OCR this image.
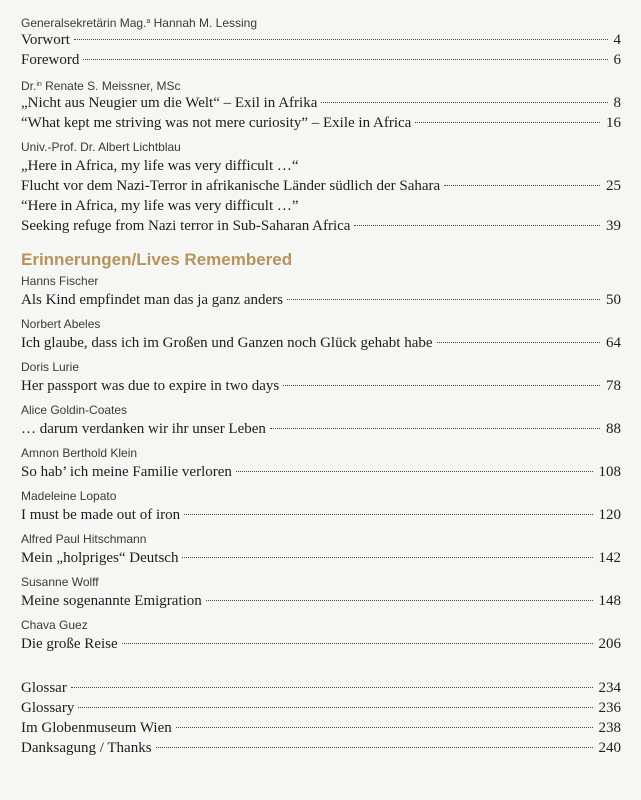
Generalsekretärin Mag.$^a$ Hannah M. Lessing
Vorwort	4
Foreword	6
Dr.$^{in}$ Renate S. Meissner, MSc
„Nicht aus Neugier um die Welt“ – Exil in Afrika	8
“What kept me striving was not mere curiosity” – Exile in Africa	16
Univ.-Prof. Dr. Albert Lichtblau
„Here in Africa, my life was very difficult …“
Flucht vor dem Nazi-Terror in afrikanische Länder südlich der Sahara	25
“Here in Africa, my life was very difficult …”
Seeking refuge from Nazi terror in Sub-Saharan Africa	39
Erinnerungen/Lives Remembered
Hanns Fischer
Als Kind empfindet man das ja ganz anders	50
Norbert Abeles
Ich glaube, dass ich im Großen und Ganzen noch Glück gehabt habe	64
Doris Lurie
Her passport was due to expire in two days	78
Alice Goldin-Coates
… darum verdanken wir ihr unser Leben	88
Amnon Berthold Klein
So hab’ ich meine Familie verloren	108
Madeleine Lopato
I must be made out of iron	120
Alfred Paul Hitschmann
Mein „holpriges“ Deutsch	142
Susanne Wolff
Meine sogenannte Emigration	148
Chava Guez
Die große Reise	206
Glossar	234
Glossary	236
Im Globenmuseum Wien	238
Danksagung / Thanks	240
